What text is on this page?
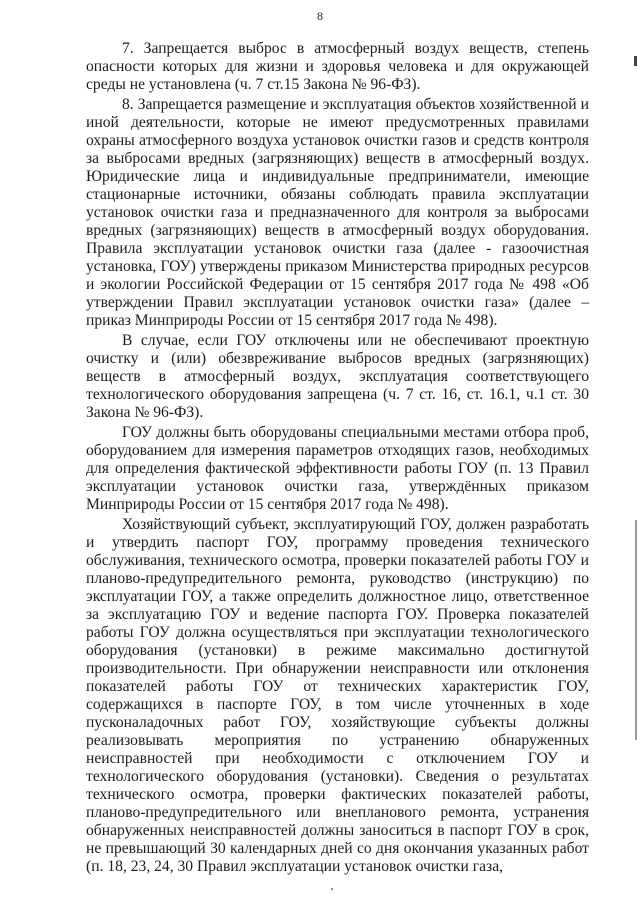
8

7. Запрещается выброс в атмосферный воздух веществ, степень опасности которых для жизни и здоровья человека и для окружающей среды не установлена (ч. 7 ст.15 Закона № 96-ФЗ).

8. Запрещается размещение и эксплуатация объектов хозяйственной и иной деятельности, которые не имеют предусмотренных правилами охраны атмосферного воздуха установок очистки газов и средств контроля за выбросами вредных (загрязняющих) веществ в атмосферный воздух. Юридические лица и индивидуальные предприниматели, имеющие стационарные источники, обязаны соблюдать правила эксплуатации установок очистки газа и предназначенного для контроля за выбросами вредных (загрязняющих) веществ в атмосферный воздух оборудования. Правила эксплуатации установок очистки газа (далее - газоочистная установка, ГОУ) утверждены приказом Министерства природных ресурсов и экологии Российской Федерации от 15 сентября 2017 года № 498 «Об утверждении Правил эксплуатации установок очистки газа» (далее – приказ Минприроды России от 15 сентября 2017 года № 498).

В случае, если ГОУ отключены или не обеспечивают проектную очистку и (или) обезвреживание выбросов вредных (загрязняющих) веществ в атмосферный воздух, эксплуатация соответствующего технологического оборудования запрещена (ч. 7 ст. 16, ст. 16.1, ч.1 ст. 30 Закона № 96-ФЗ).

ГОУ должны быть оборудованы специальными местами отбора проб, оборудованием для измерения параметров отходящих газов, необходимых для определения фактической эффективности работы ГОУ (п. 13 Правил эксплуатации установок очистки газа, утверждённых приказом Минприроды России от 15 сентября 2017 года № 498).

Хозяйствующий субъект, эксплуатирующий ГОУ, должен разработать и утвердить паспорт ГОУ, программу проведения технического обслуживания, технического осмотра, проверки показателей работы ГОУ и планово-предупредительного ремонта, руководство (инструкцию) по эксплуатации ГОУ, а также определить должностное лицо, ответственное за эксплуатацию ГОУ и ведение паспорта ГОУ. Проверка показателей работы ГОУ должна осуществляться при эксплуатации технологического оборудования (установки) в режиме максимально достигнутой производительности. При обнаружении неисправности или отклонения показателей работы ГОУ от технических характеристик ГОУ, содержащихся в паспорте ГОУ, в том числе уточненных в ходе пусконаладочных работ ГОУ, хозяйствующие субъекты должны реализовывать мероприятия по устранению обнаруженных неисправностей при необходимости с отключением ГОУ и технологического оборудования (установки). Сведения о результатах технического осмотра, проверки фактических показателей работы, планово-предупредительного или внепланового ремонта, устранения обнаруженных неисправностей должны заноситься в паспорт ГОУ в срок, не превышающий 30 календарных дней со дня окончания указанных работ (п. 18, 23, 24, 30 Правил эксплуатации установок очистки газа,
